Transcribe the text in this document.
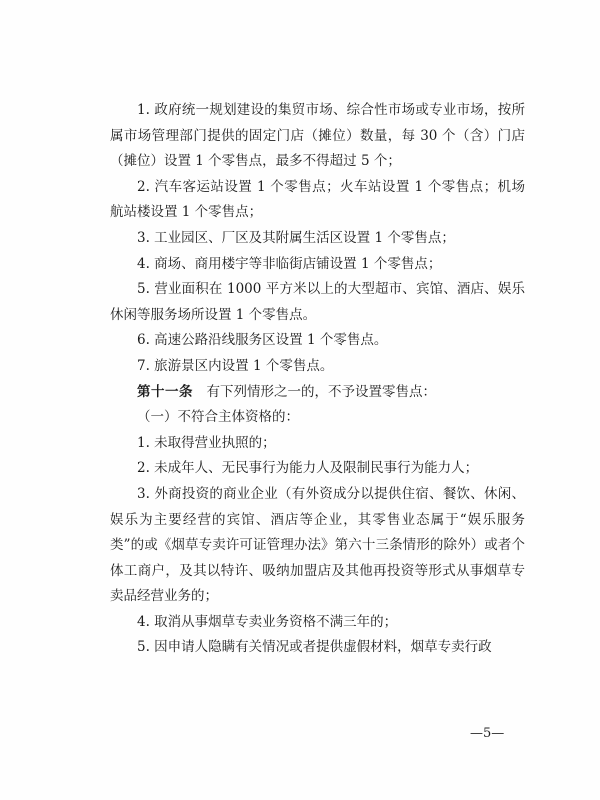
1. 政府统一规划建设的集贸市场、综合性市场或专业市场，按所属市场管理部门提供的固定门店（摊位）数量，每 30 个（含）门店（摊位）设置 1 个零售点，最多不得超过 5 个；

2. 汽车客运站设置 1 个零售点；火车站设置 1 个零售点；机场航站楼设置 1 个零售点；

3. 工业园区、厂区及其附属生活区设置 1 个零售点；

4. 商场、商用楼宇等非临街店铺设置 1 个零售点；

5. 营业面积在 1000 平方米以上的大型超市、宾馆、酒店、娱乐休闲等服务场所设置 1 个零售点。

6. 高速公路沿线服务区设置 1 个零售点。

7. 旅游景区内设置 1 个零售点。

第十一条  有下列情形之一的，不予设置零售点：

（一）不符合主体资格的：

1. 未取得营业执照的；

2. 未成年人、无民事行为能力人及限制民事行为能力人；

3. 外商投资的商业企业（有外资成分以提供住宿、餐饮、休闲、娱乐为主要经营的宾馆、酒店等企业，其零售业态属于“娱乐服务类”的或《烟草专卖许可证管理办法》第六十三条情形的除外）或者个体工商户，及其以特许、吸纳加盟店及其他再投资等形式从事烟草专卖品经营业务的；

4. 取消从事烟草专卖业务资格不满三年的；

5. 因申请人隐瞒有关情况或者提供虚假材料，烟草专卖行政

—5—
